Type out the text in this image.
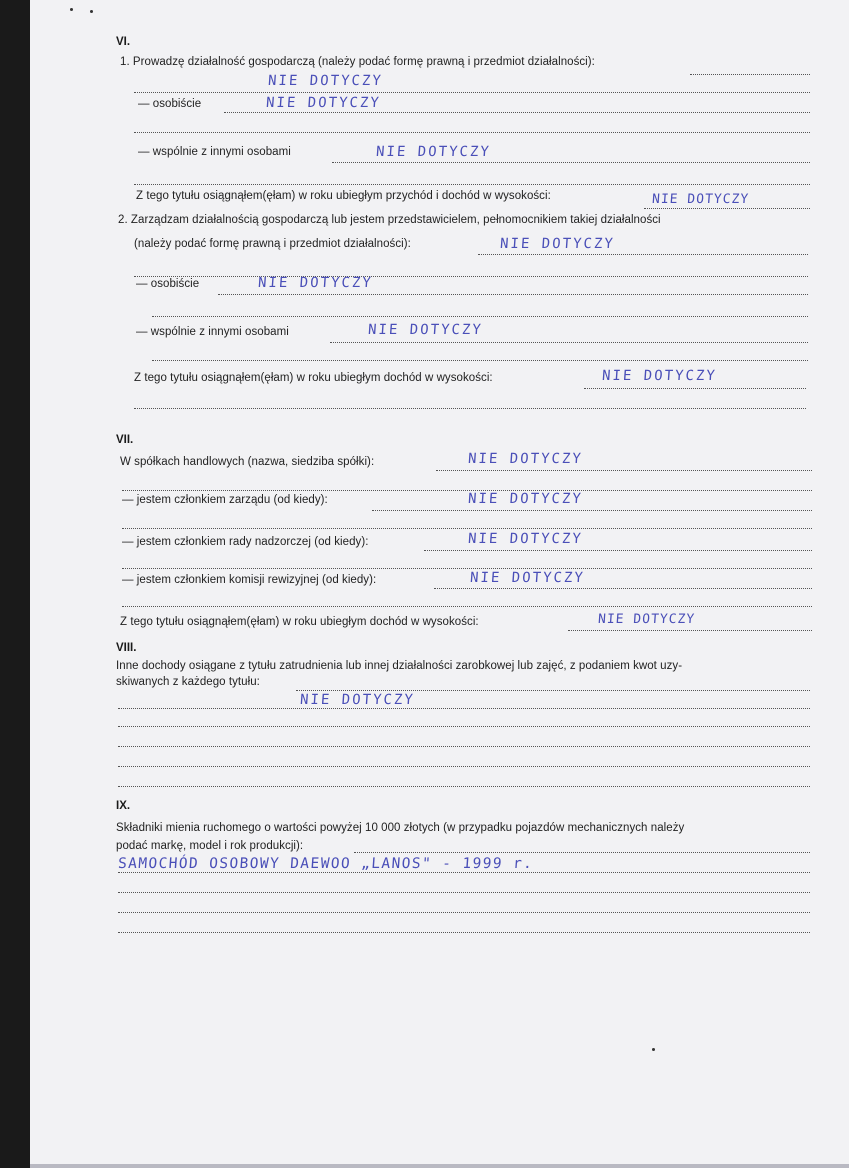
VI.
1. Prowadzę działalność gospodarczą (należy podać formę prawną i przedmiot działalności):
NIE DOTYCZY
— osobiście	NIE DOTYCZY
— wspólnie z innymi osobami	NIE DOTYCZY
Z tego tytułu osiągnąłem(ęłam) w roku ubiegłym przychód i dochód w wysokości:	NIE DOTYCZY
2. Zarządzam działalnością gospodarczą lub jestem przedstawicielem, pełnomocnikiem takiej działalności
(należy podać formę prawną i przedmiot działalności):	NIE DOTYCZY
— osobiście	NIE DOTYCZY
— wspólnie z innymi osobami	NIE DOTYCZY
Z tego tytułu osiągnąłem(ęłam) w roku ubiegłym dochód w wysokości:	NIE DOTYCZY
VII.
W spółkach handlowych (nazwa, siedziba spółki):	NIE DOTYCZY
— jestem członkiem zarządu (od kiedy):	NIE DOTYCZY
— jestem członkiem rady nadzorczej (od kiedy):	NIE DOTYCZY
— jestem członkiem komisji rewizyjnej (od kiedy):	NIE DOTYCZY
Z tego tytułu osiągnąłem(ęłam) w roku ubiegłym dochód w wysokości:	NIE DOTYCZY
VIII.
Inne dochody osiągane z tytułu zatrudnienia lub innej działalności zarobkowej lub zajęć, z podaniem kwot uzy-
skiwanych z każdego tytułu:
NIE DOTYCZY
IX.
Składniki mienia ruchomego o wartości powyżej 10 000 złotych (w przypadku pojazdów mechanicznych należy
podać markę, model i rok produkcji):
SAMOCHÓD OSOBOWY DAEWOO „LANOS" - 1999 r.
